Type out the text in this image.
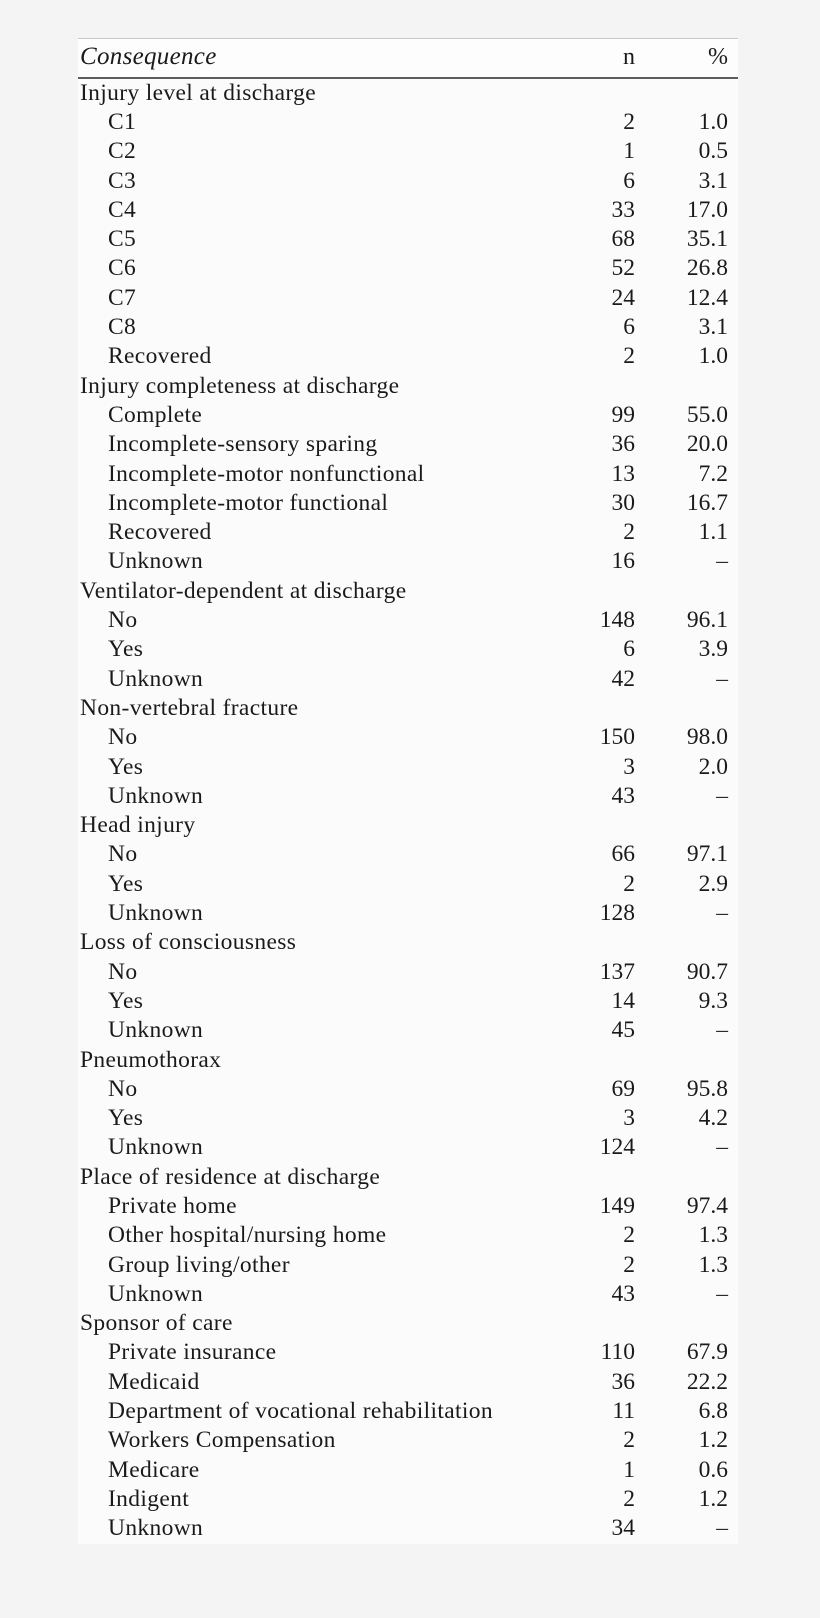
Consequence	n	%
Injury level at discharge		
C1	2	1.0
C2	1	0.5
C3	6	3.1
C4	33	17.0
C5	68	35.1
C6	52	26.8
C7	24	12.4
C8	6	3.1
Recovered	2	1.0
Injury completeness at discharge		
Complete	99	55.0
Incomplete-sensory sparing	36	20.0
Incomplete-motor nonfunctional	13	7.2
Incomplete-motor functional	30	16.7
Recovered	2	1.1
Unknown	16	–
Ventilator-dependent at discharge		
No	148	96.1
Yes	6	3.9
Unknown	42	–
Non-vertebral fracture		
No	150	98.0
Yes	3	2.0
Unknown	43	–
Head injury		
No	66	97.1
Yes	2	2.9
Unknown	128	–
Loss of consciousness		
No	137	90.7
Yes	14	9.3
Unknown	45	–
Pneumothorax		
No	69	95.8
Yes	3	4.2
Unknown	124	–
Place of residence at discharge		
Private home	149	97.4
Other hospital/nursing home	2	1.3
Group living/other	2	1.3
Unknown	43	–
Sponsor of care		
Private insurance	110	67.9
Medicaid	36	22.2
Department of vocational rehabilitation	11	6.8
Workers Compensation	2	1.2
Medicare	1	0.6
Indigent	2	1.2
Unknown	34	–
